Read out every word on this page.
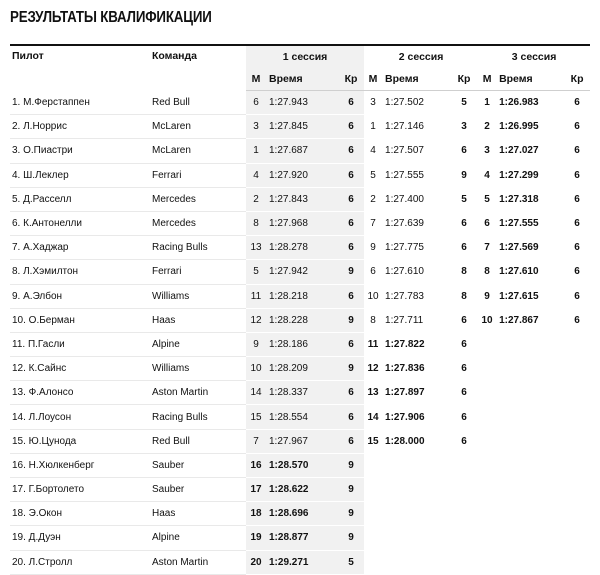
РЕЗУЛЬТАТЫ КВАЛИФИКАЦИИ
Пилот	Команда	1 сессия			2 сессия			3 сессия		
		М	Время	Кр	М	Время	Кр	М	Время	Кр
1. М.Ферстаппен	Red Bull	6	1:27.943	6	3	1:27.502	5	1	1:26.983	6
2. Л.Норрис	McLaren	3	1:27.845	6	1	1:27.146	3	2	1:26.995	6
3. О.Пиастри	McLaren	1	1:27.687	6	4	1:27.507	6	3	1:27.027	6
4. Ш.Леклер	Ferrari	4	1:27.920	6	5	1:27.555	9	4	1:27.299	6
5. Д.Расселл	Mercedes	2	1:27.843	6	2	1:27.400	5	5	1:27.318	6
6. К.Антонелли	Mercedes	8	1:27.968	6	7	1:27.639	6	6	1:27.555	6
7. А.Хаджар	Racing Bulls	13	1:28.278	6	9	1:27.775	6	7	1:27.569	6
8. Л.Хэмилтон	Ferrari	5	1:27.942	9	6	1:27.610	8	8	1:27.610	6
9. А.Элбон	Williams	11	1:28.218	6	10	1:27.783	8	9	1:27.615	6
10. О.Берман	Haas	12	1:28.228	9	8	1:27.711	6	10	1:27.867	6
11. П.Гасли	Alpine	9	1:28.186	6	11	1:27.822	6			
12. К.Сайнс	Williams	10	1:28.209	9	12	1:27.836	6			
13. Ф.Алонсо	Aston Martin	14	1:28.337	6	13	1:27.897	6			
14. Л.Лоусон	Racing Bulls	15	1:28.554	6	14	1:27.906	6			
15. Ю.Цунода	Red Bull	7	1:27.967	6	15	1:28.000	6			
16. Н.Хюлкенберг	Sauber	16	1:28.570	9						
17. Г.Бортолето	Sauber	17	1:28.622	9						
18. Э.Окон	Haas	18	1:28.696	9						
19. Д.Дуэн	Alpine	19	1:28.877	9						
20. Л.Стролл	Aston Martin	20	1:29.271	5						
